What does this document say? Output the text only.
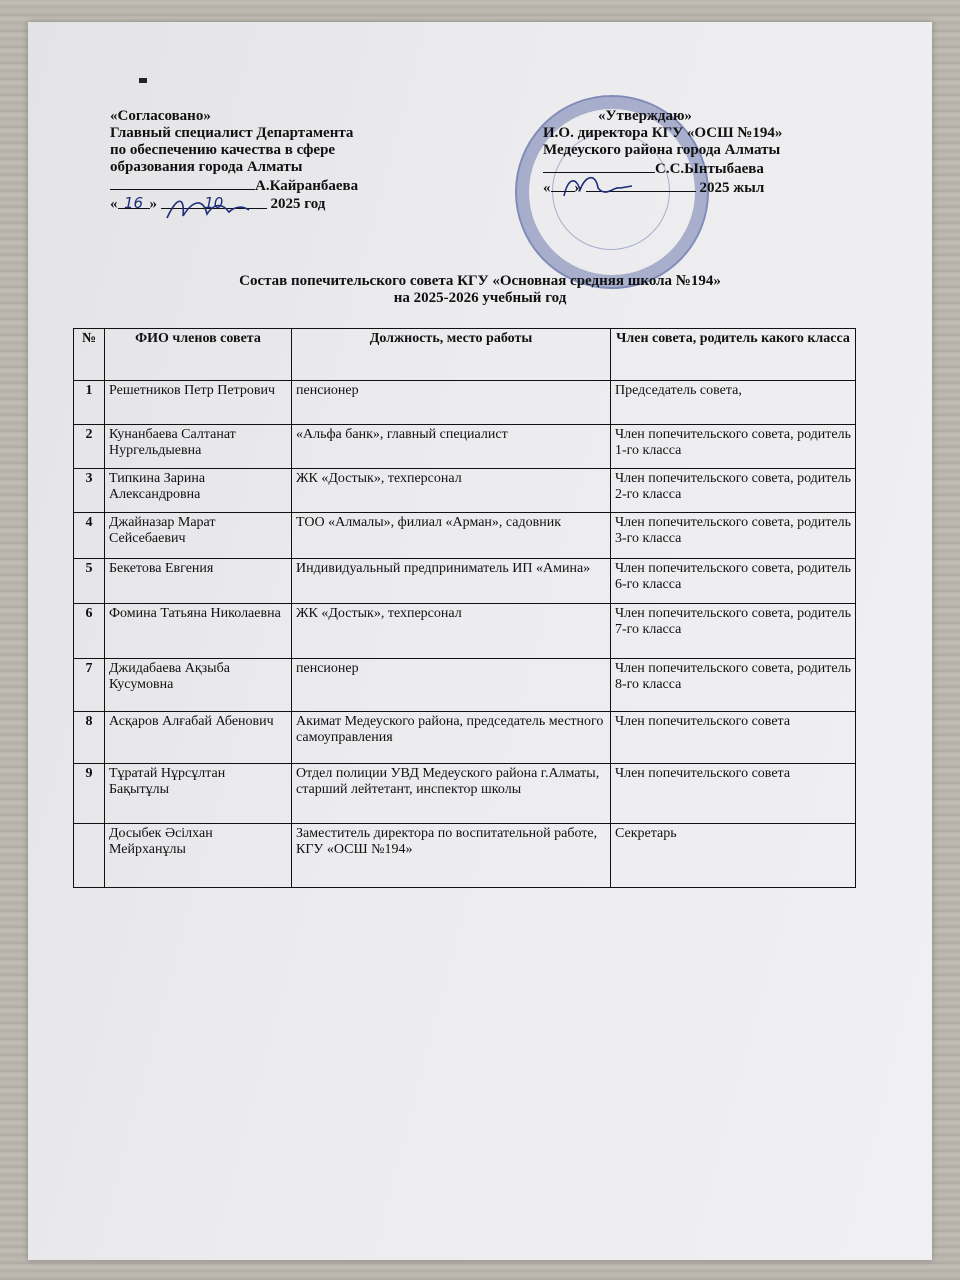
«Согласовано»
Главный специалист Департамента
по обеспечению качества в сфере
образования города Алматы
А.Кайранбаева
« 16 »	10	2025 год
«Утверждаю»
И.О. директора КГУ «ОСШ №194»
Медеуского района города Алматы
С.С.Ынтыбаева
« »	2025 жыл
Состав попечительского совета КГУ «Основная средняя школа №194»
на 2025-2026 учебный год
№	ФИО членов совета	Должность, место работы	Член совета, родитель какого класса
1	Решетников Петр Петрович	пенсионер	Председатель совета,
2	Кунанбаева Салтанат Нургельдыевна	«Альфа банк», главный специалист	Член попечительского совета, родитель 1-го класса
3	Типкина Зарина Александровна	ЖК «Достык», техперсонал	Член попечительского совета, родитель 2-го класса
4	Джайназар Марат Сейсебаевич	ТОО «Алмалы», филиал «Арман», садовник	Член попечительского совета, родитель 3-го класса
5	Бекетова Евгения	Индивидуальный предприниматель ИП «Амина»	Член попечительского совета, родитель 6-го класса
6	Фомина Татьяна Николаевна	ЖК «Достык», техперсонал	Член попечительского совета, родитель 7-го класса
7	Джидабаева Ақзыба Кусумовна	пенсионер	Член попечительского совета, родитель 8-го класса
8	Асқаров Алғабай Абенович	Акимат Медеуского района, председатель местного самоуправления	Член попечительского совета
9	Тұратай Нұрсұлтан Бақытұлы	Отдел полиции УВД Медеуского района г.Алматы, старший лейтетант, инспектор школы	Член попечительского совета
	Досыбек Әсілхан Мейрханұлы	Заместитель директора по воспитательной работе, КГУ «ОСШ №194»	Секретарь
